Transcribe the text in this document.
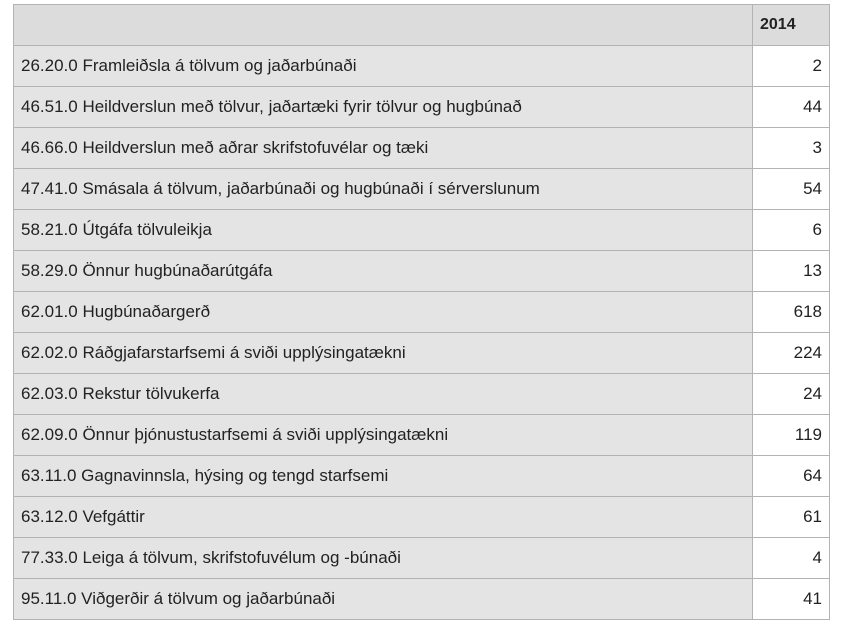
	2014
26.20.0 Framleiðsla á tölvum og jaðarbúnaði	2
46.51.0 Heildverslun með tölvur, jaðartæki fyrir tölvur og hugbúnað	44
46.66.0 Heildverslun með aðrar skrifstofuvélar og tæki	3
47.41.0 Smásala á tölvum, jaðarbúnaði og hugbúnaði í sérverslunum	54
58.21.0 Útgáfa tölvuleikja	6
58.29.0 Önnur hugbúnaðarútgáfa	13
62.01.0 Hugbúnaðargerð	618
62.02.0 Ráðgjafarstarfsemi á sviði upplýsingatækni	224
62.03.0 Rekstur tölvukerfa	24
62.09.0 Önnur þjónustustarfsemi á sviði upplýsingatækni	119
63.11.0 Gagnavinnsla, hýsing og tengd starfsemi	64
63.12.0 Vefgáttir	61
77.33.0 Leiga á tölvum, skrifstofuvélum og -búnaði	4
95.11.0 Viðgerðir á tölvum og jaðarbúnaði	41
